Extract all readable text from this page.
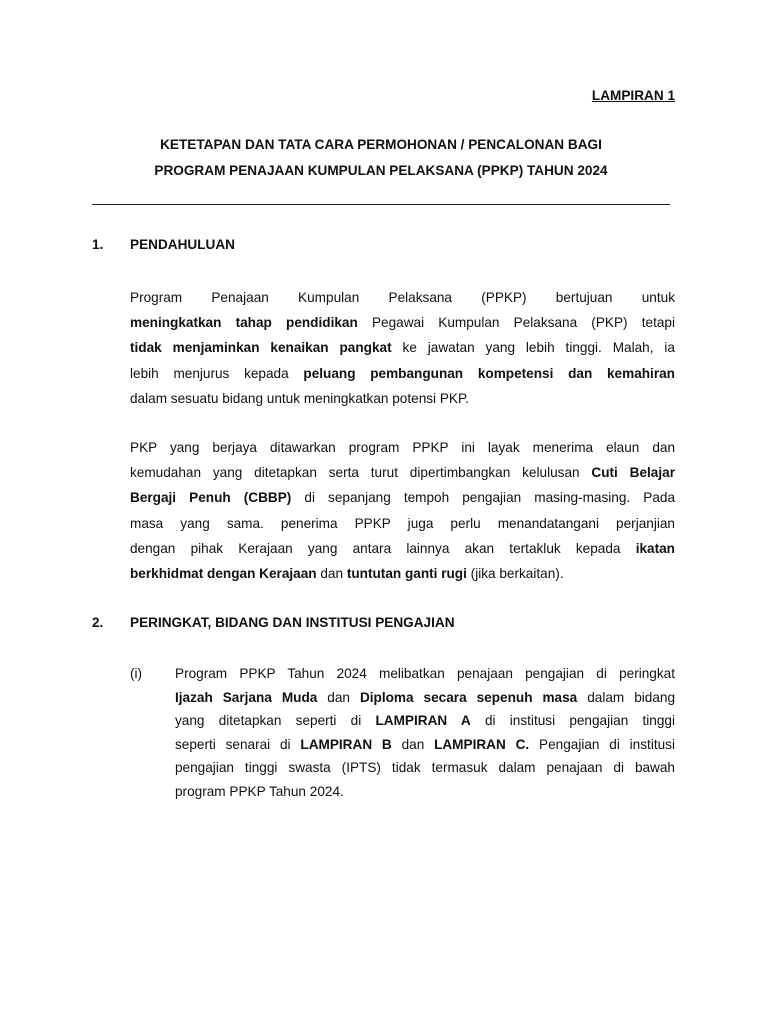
LAMPIRAN 1
KETETAPAN DAN TATA CARA PERMOHONAN / PENCALONAN BAGI
PROGRAM PENAJAAN KUMPULAN PELAKSANA (PPKP) TAHUN 2024
1. PENDAHULUAN
Program Penajaan Kumpulan Pelaksana (PPKP) bertujuan untuk
meningkatkan tahap pendidikan Pegawai Kumpulan Pelaksana (PKP) tetapi
tidak menjaminkan kenaikan pangkat ke jawatan yang lebih tinggi. Malah, ia
lebih menjurus kepada peluang pembangunan kompetensi dan kemahiran
dalam sesuatu bidang untuk meningkatkan potensi PKP.
PKP yang berjaya ditawarkan program PPKP ini layak menerima elaun dan
kemudahan yang ditetapkan serta turut dipertimbangkan kelulusan Cuti Belajar
Bergaji Penuh (CBBP) di sepanjang tempoh pengajian masing-masing. Pada
masa yang sama. penerima PPKP juga perlu menandatangani perjanjian
dengan pihak Kerajaan yang antara lainnya akan tertakluk kepada ikatan
berkhidmat dengan Kerajaan dan tuntutan ganti rugi (jika berkaitan).
2. PERINGKAT, BIDANG DAN INSTITUSI PENGAJIAN
(i) Program PPKP Tahun 2024 melibatkan penajaan pengajian di peringkat
Ijazah Sarjana Muda dan Diploma secara sepenuh masa dalam bidang
yang ditetapkan seperti di LAMPIRAN A di institusi pengajian tinggi
seperti senarai di LAMPIRAN B dan LAMPIRAN C. Pengajian di institusi
pengajian tinggi swasta (IPTS) tidak termasuk dalam penajaan di bawah
program PPKP Tahun 2024.
